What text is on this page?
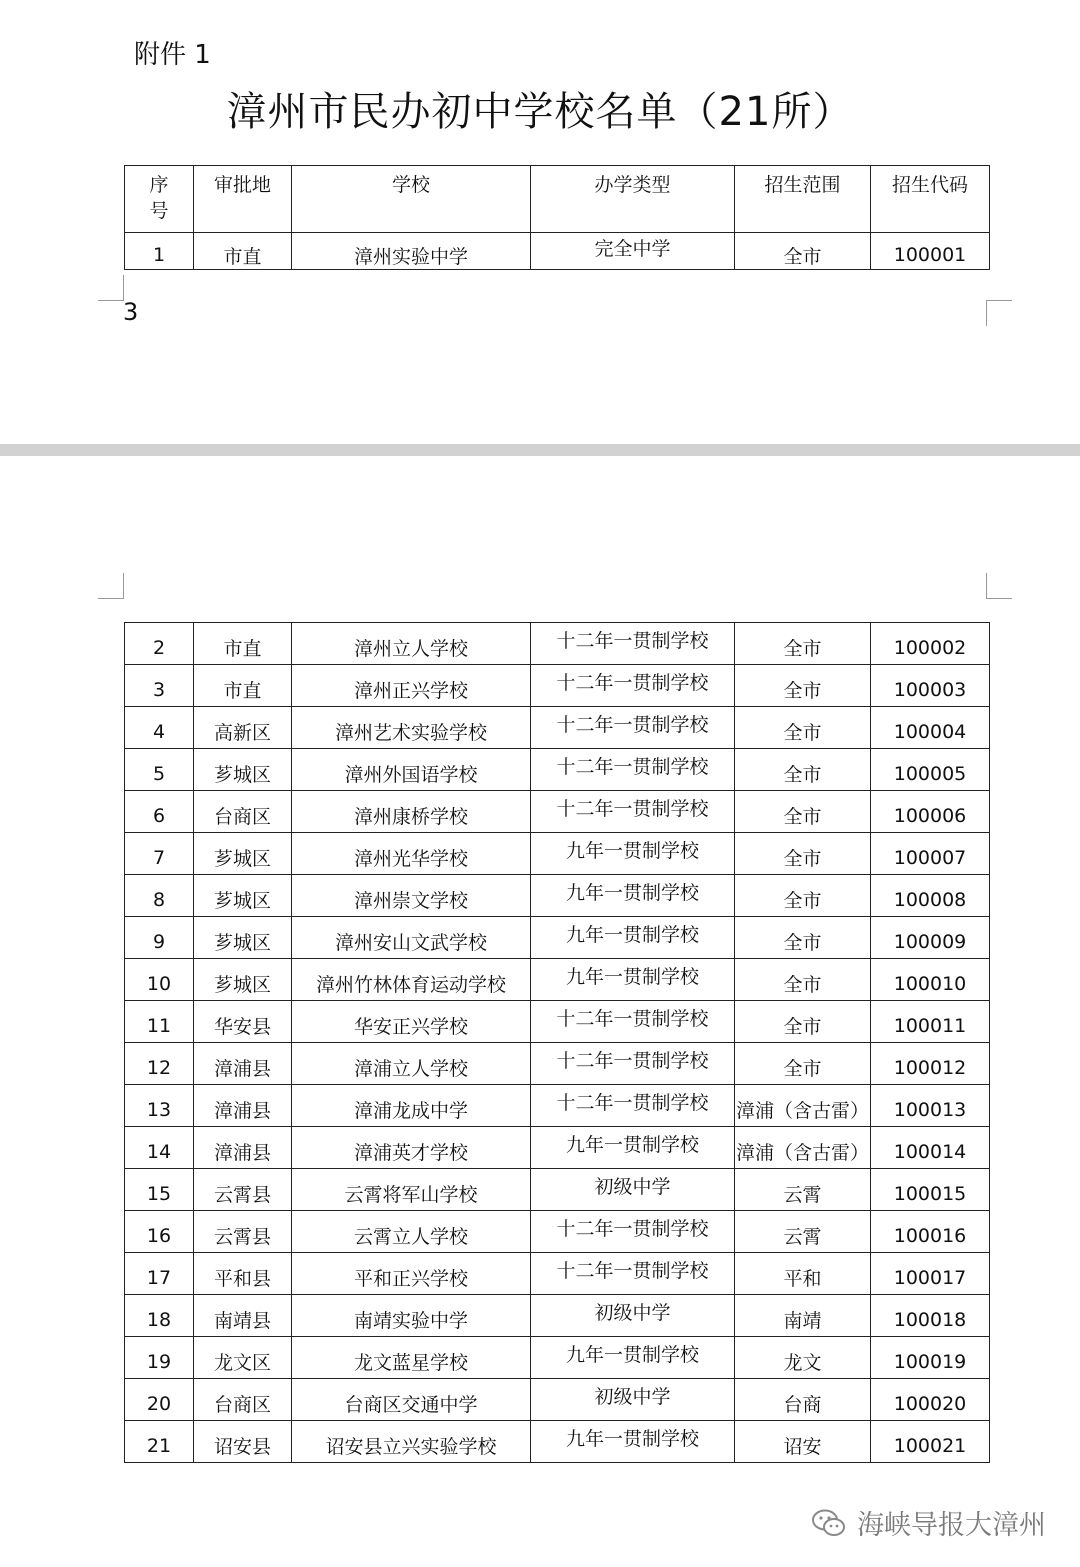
附件 1
漳州市民办初中学校名单（21所）
序
号	审批地	学校	办学类型	招生范围	招生代码
1	市直	漳州实验中学	完全中学	全市	100001
3
2	市直	漳州立人学校	十二年一贯制学校	全市	100002
3	市直	漳州正兴学校	十二年一贯制学校	全市	100003
4	高新区	漳州艺术实验学校	十二年一贯制学校	全市	100004
5	芗城区	漳州外国语学校	十二年一贯制学校	全市	100005
6	台商区	漳州康桥学校	十二年一贯制学校	全市	100006
7	芗城区	漳州光华学校	九年一贯制学校	全市	100007
8	芗城区	漳州崇文学校	九年一贯制学校	全市	100008
9	芗城区	漳州安山文武学校	九年一贯制学校	全市	100009
10	芗城区	漳州竹林体育运动学校	九年一贯制学校	全市	100010
11	华安县	华安正兴学校	十二年一贯制学校	全市	100011
12	漳浦县	漳浦立人学校	十二年一贯制学校	全市	100012
13	漳浦县	漳浦龙成中学	十二年一贯制学校	漳浦（含古雷）	100013
14	漳浦县	漳浦英才学校	九年一贯制学校	漳浦（含古雷）	100014
15	云霄县	云霄将军山学校	初级中学	云霄	100015
16	云霄县	云霄立人学校	十二年一贯制学校	云霄	100016
17	平和县	平和正兴学校	十二年一贯制学校	平和	100017
18	南靖县	南靖实验中学	初级中学	南靖	100018
19	龙文区	龙文蓝星学校	九年一贯制学校	龙文	100019
20	台商区	台商区交通中学	初级中学	台商	100020
21	诏安县	诏安县立兴实验学校	九年一贯制学校	诏安	100021
海峡导报大漳州
